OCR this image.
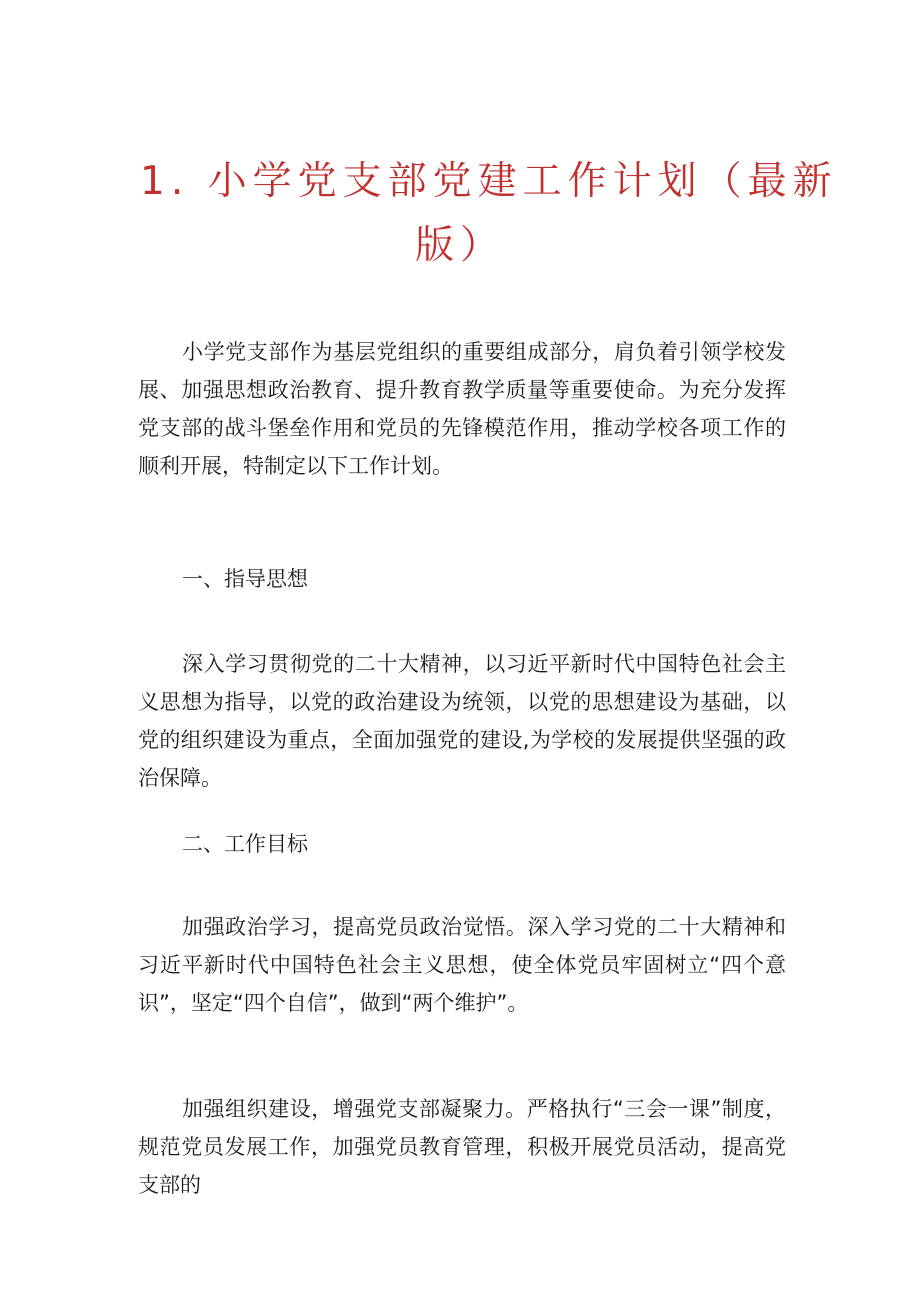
1. 小学党支部党建工作计划（最新
版）

小学党支部作为基层党组织的重要组成部分，肩负着引领学校发展、加强思想政治教育、提升教育教学质量等重要使命。为充分发挥党支部的战斗堡垒作用和党员的先锋模范作用，推动学校各项工作的顺利开展，特制定以下工作计划。

一、指导思想

深入学习贯彻党的二十大精神，以习近平新时代中国特色社会主义思想为指导，以党的政治建设为统领，以党的思想建设为基础，以党的组织建设为重点，全面加强党的建设,为学校的发展提供坚强的政治保障。

二、工作目标

加强政治学习，提高党员政治觉悟。深入学习党的二十大精神和习近平新时代中国特色社会主义思想，使全体党员牢固树立“四个意识”，坚定“四个自信”，做到“两个维护”。

加强组织建设，增强党支部凝聚力。严格执行“三会一课”制度，规范党员发展工作，加强党员教育管理，积极开展党员活动，提高党支部的
